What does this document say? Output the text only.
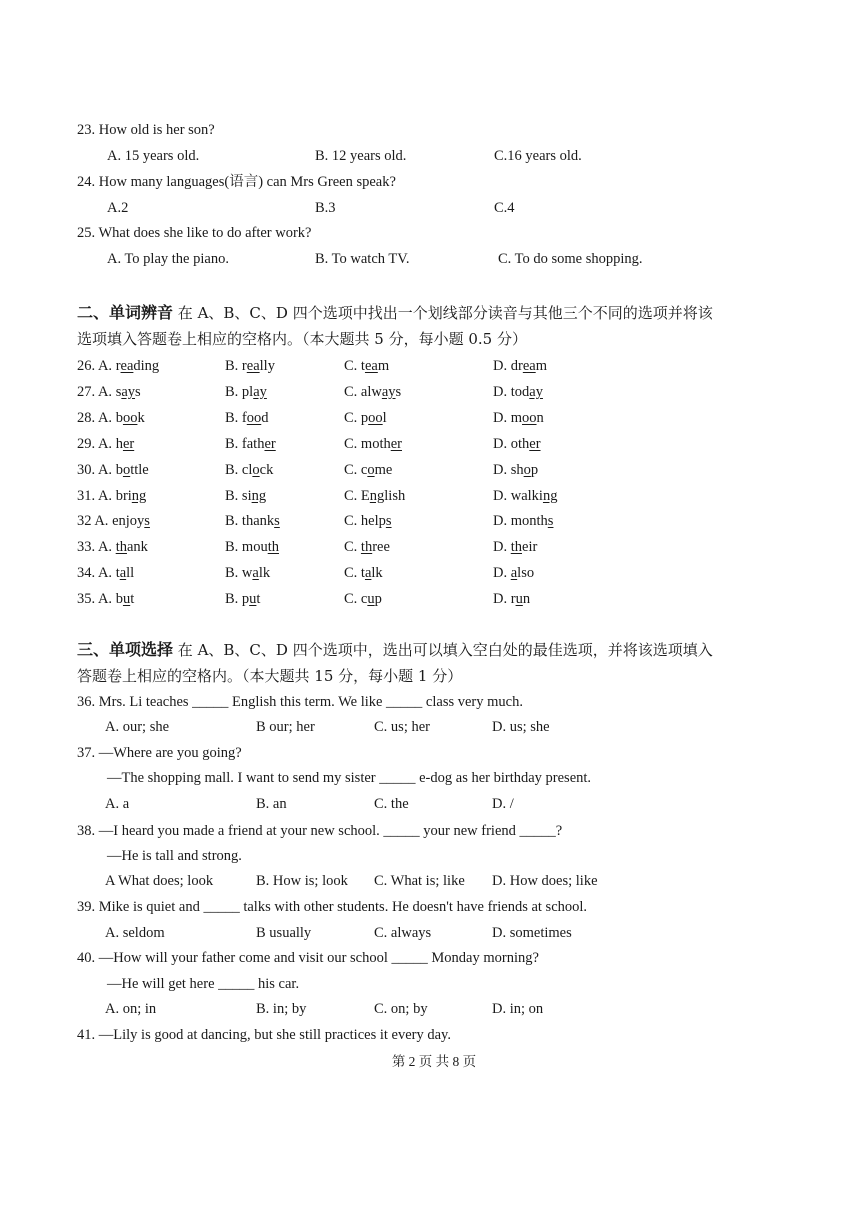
23. How old is her son?
A. 15 years old.	B. 12 years old.	C.16 years old.
24. How many languages(语言) can Mrs Green speak?
A.2	B.3	C.4
25. What does she like to do after work?
A. To play the piano.	B. To watch TV.	C. To do some shopping.
二、单词辨音 在 A、B、C、D 四个选项中找出一个划线部分读音与其他三个不同的选项并将该
选项填入答题卷上相应的空格内。（本大题共 5 分，每小题 0.5 分）
26. A. reading	B. really	C. team	D. dream
27. A. says	B. play	C. always	D. today
28. A. book	B. food	C. pool	D. moon
29. A. her	B. father	C. mother	D. other
30. A. bottle	B. clock	C. come	D. shop
31. A. bring	B. sing	C. English	D. walking
32 A. enjoys	B. thanks	C. helps	D. months
33. A. thank	B. mouth	C. three	D. their
34. A. tall	B. walk	C. talk	D. also
35. A. but	B. put	C. cup	D. run
三、单项选择 在 A、B、C、D 四个选项中，选出可以填入空白处的最佳选项，并将该选项填入
答题卷上相应的空格内。（本大题共 15 分，每小题 1 分）
36. Mrs. Li teaches _____ English this term. We like _____ class very much.
A. our; she	B our; her	C. us; her	D. us; she
37. —Where are you going?
—The shopping mall. I want to send my sister _____ e-dog as her birthday present.
A. a	B. an	C. the	D. /
38. —I heard you made a friend at your new school. _____ your new friend _____?
—He is tall and strong.
A What does; look	B. How is; look C. What is; like D. How does; like
39. Mike is quiet and _____ talks with other students. He doesn't have friends at school.
A. seldom	B usually	C. always	D. sometimes
40. —How will your father come and visit our school _____ Monday morning?
—He will get here _____ his car.
A. on; in	B. in; by	C. on; by	D. in; on
41. —Lily is good at dancing, but she still practices it every day.
第 2 页 共 8 页
